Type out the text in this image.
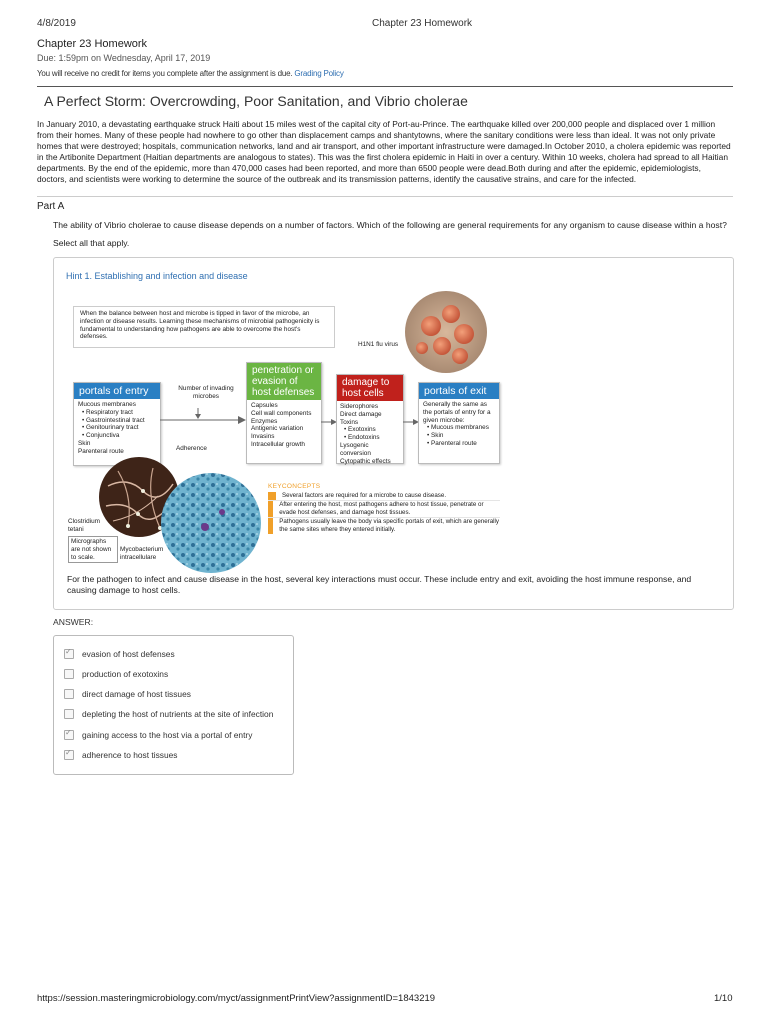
4/8/2019	Chapter 23 Homework
Chapter 23 Homework
Due: 1:59pm on Wednesday, April 17, 2019
You will receive no credit for items you complete after the assignment is due. Grading Policy
A Perfect Storm: Overcrowding, Poor Sanitation, and Vibrio cholerae
In January 2010, a devastating earthquake struck Haiti about 15 miles west of the capital city of Port-au-Prince. The earthquake killed over 200,000 people and displaced over 1 million from their homes. Many of these people had nowhere to go other than displacement camps and shantytowns, where the sanitary conditions were less than ideal. It was not only private homes that were destroyed; hospitals, communication networks, land and air transport, and other important infrastructure were damaged.In October 2010, a cholera epidemic was reported in the Artibonite Department (Haitian departments are analogous to states). This was the first cholera epidemic in Haiti in over a century. Within 10 weeks, cholera had spread to all Haitian departments. By the end of the epidemic, more than 470,000 cases had been reported, and more than 6500 people were dead.Both during and after the epidemic, epidemiologists, doctors, and scientists were working to determine the source of the outbreak and its transmission patterns, identify the causative strains, and care for the infected.
Part A
The ability of Vibrio cholerae to cause disease depends on a number of factors. Which of the following are general requirements for any organism to cause disease within a host?
Select all that apply.
Hint 1. Establishing and infection and disease
When the balance between host and microbe is tipped in favor of the microbe, an infection or disease results. Learning these mechanisms of microbial pathogenicity is fundamental to understanding how pathogens are able to overcome the host's defenses.
H1N1 flu virus
portals of entry
Mucous membranes
• Respiratory tract
• Gastrointestinal tract
• Genitourinary tract
• Conjunctiva
Skin
Parenteral route
Number of invading microbes
Adherence
penetration or evasion of host defenses
Capsules
Cell wall components
Enzymes
Antigenic variation
Invasins
Intracellular growth
damage to host cells
Siderophores
Direct damage
Toxins
• Exotoxins
• Endotoxins
Lysogenic conversion
Cytopathic effects
portals of exit
Generally the same as the portals of entry for a given microbe:
• Mucous membranes
• Skin
• Parenteral route
Clostridium tetani
Micrographs are not shown to scale.
Mycobacterium intracellulare
KEYCONCEPTS
Several factors are required for a microbe to cause disease.
After entering the host, most pathogens adhere to host tissue, penetrate or evade host defenses, and damage host tissues.
Pathogens usually leave the body via specific portals of exit, which are generally the same sites where they entered initially.
For the pathogen to infect and cause disease in the host, several key interactions must occur. These include entry and exit, avoiding the host immune response, and causing damage to host cells.
ANSWER:
✓
evasion of host defenses
production of exotoxins
direct damage of host tissues
depleting the host of nutrients at the site of infection
✓
gaining access to the host via a portal of entry
✓
adherence to host tissues
https://session.masteringmicrobiology.com/myct/assignmentPrintView?assignmentID=1843219	1/10
